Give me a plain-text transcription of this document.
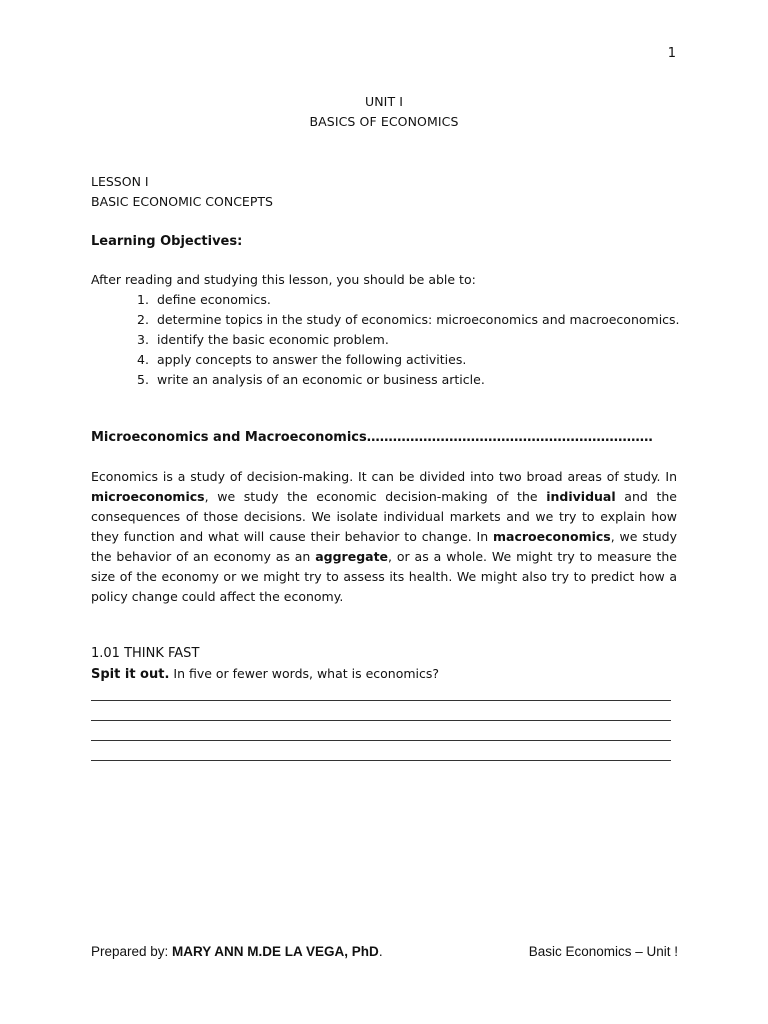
1
UNIT I
BASICS OF ECONOMICS
LESSON I
BASIC ECONOMIC CONCEPTS
Learning Objectives:
After reading and studying this lesson, you should be able to:
1. define economics.
2. determine topics in the study of economics: microeconomics and macroeconomics.
3. identify the basic economic problem.
4. apply concepts to answer the following activities.
5. write an analysis of an economic or business article.
Microeconomics and Macroeconomics…………………………………………………………
Economics is a study of decision-making. It can be divided into two broad areas of study. In microeconomics, we study the economic decision-making of the individual and the consequences of those decisions. We isolate individual markets and we try to explain how they function and what will cause their behavior to change. In macroeconomics, we study the behavior of an economy as an aggregate, or as a whole. We might try to measure the size of the economy or we might try to assess its health. We might also try to predict how a policy change could affect the economy.
1.01 THINK FAST
Spit it out. In five or fewer words, what is economics?
Prepared by: MARY ANN M.DE LA VEGA, PhD.	Basic Economics – Unit !
